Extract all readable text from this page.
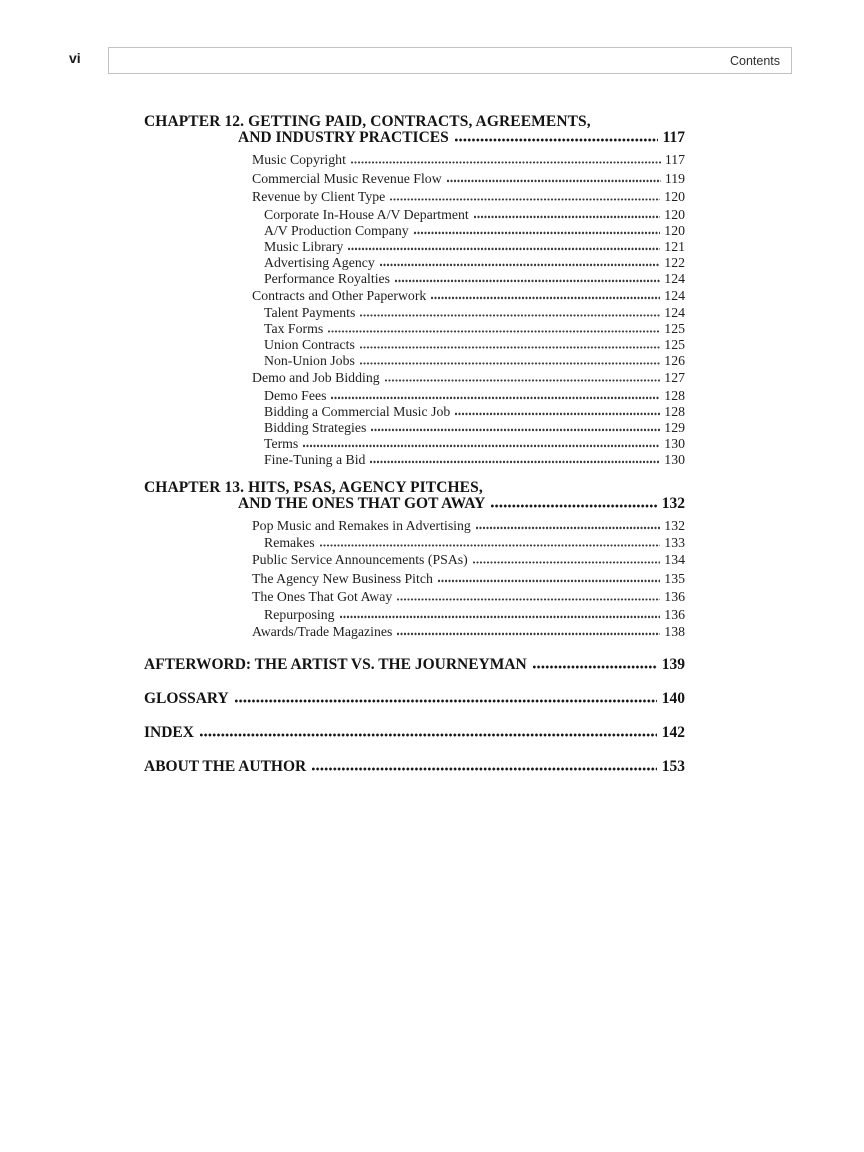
vi	Contents
CHAPTER 12. GETTING PAID, CONTRACTS, AGREEMENTS,
AND INDUSTRY PRACTICES	117
Music Copyright	117
Commercial Music Revenue Flow	119
Revenue by Client Type	120
Corporate In-House A/V Department	120
A/V Production Company	120
Music Library	121
Advertising Agency	122
Performance Royalties	124
Contracts and Other Paperwork	124
Talent Payments	124
Tax Forms	125
Union Contracts	125
Non-Union Jobs	126
Demo and Job Bidding	127
Demo Fees	128
Bidding a Commercial Music Job	128
Bidding Strategies	129
Terms	130
Fine-Tuning a Bid	130
CHAPTER 13. HITS, PSAS, AGENCY PITCHES,
AND THE ONES THAT GOT AWAY	132
Pop Music and Remakes in Advertising	132
Remakes	133
Public Service Announcements (PSAs)	134
The Agency New Business Pitch	135
The Ones That Got Away	136
Repurposing	136
Awards/Trade Magazines	138
AFTERWORD: THE ARTIST VS. THE JOURNEYMAN	139
GLOSSARY	140
INDEX	142
ABOUT THE AUTHOR	153
